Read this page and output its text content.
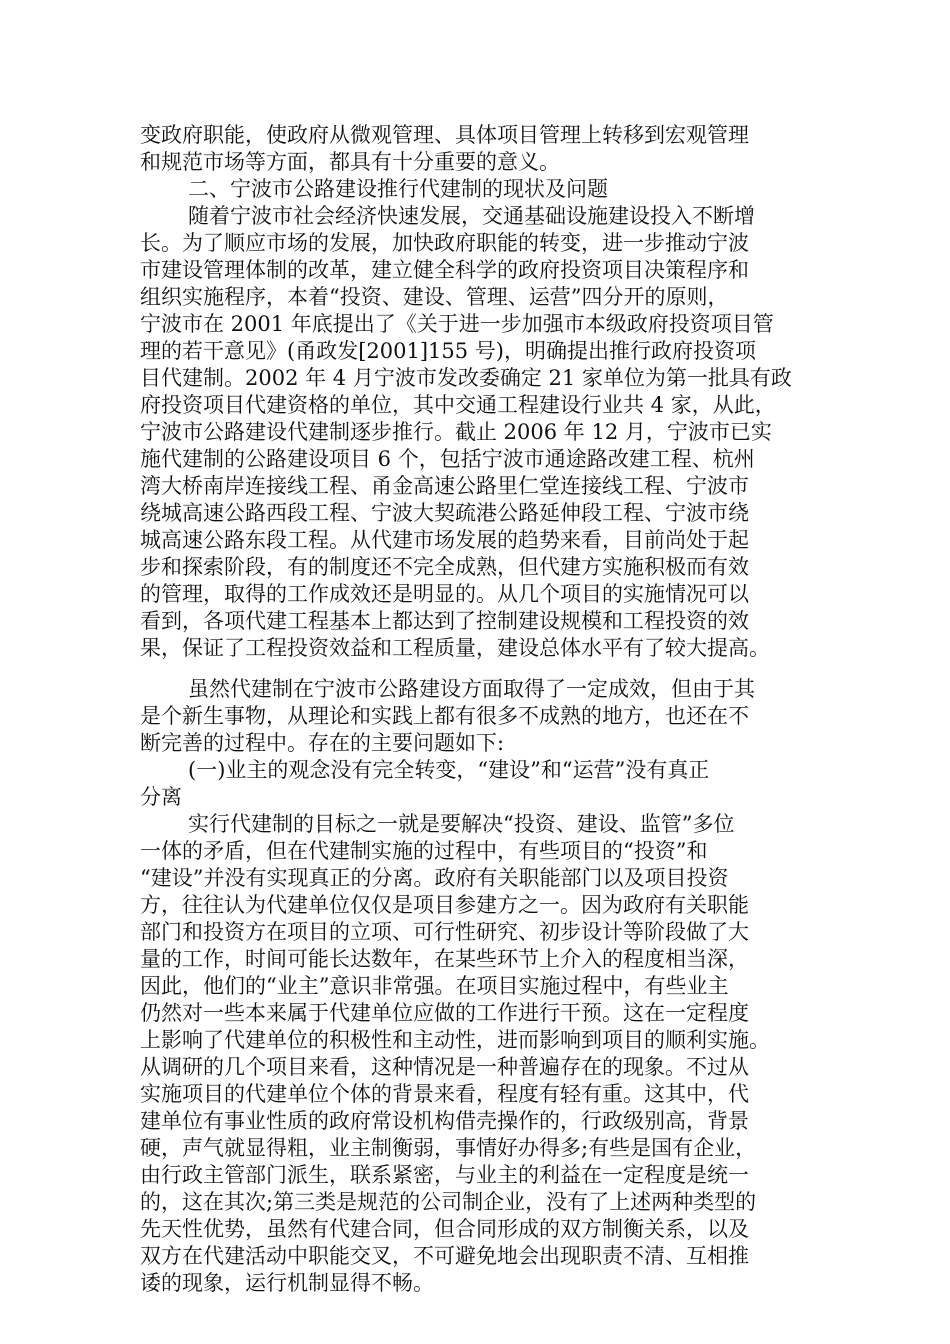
变政府职能，使政府从微观管理、具体项目管理上转移到宏观管理
和规范市场等方面，都具有十分重要的意义。
二、宁波市公路建设推行代建制的现状及问题
随着宁波市社会经济快速发展，交通基础设施建设投入不断增
长。为了顺应市场的发展，加快政府职能的转变，进一步推动宁波
市建设管理体制的改革，建立健全科学的政府投资项目决策程序和
组织实施程序，本着“投资、建设、管理、运营”四分开的原则，
宁波市在 2001 年底提出了《关于进一步加强市本级政府投资项目管
理的若干意见》(甬政发[2001]155 号)，明确提出推行政府投资项
目代建制。2002 年 4 月宁波市发改委确定 21 家单位为第一批具有政
府投资项目代建资格的单位，其中交通工程建设行业共 4 家，从此，
宁波市公路建设代建制逐步推行。截止 2006 年 12 月，宁波市已实
施代建制的公路建设项目 6 个，包括宁波市通途路改建工程、杭州
湾大桥南岸连接线工程、甬金高速公路里仁堂连接线工程、宁波市
绕城高速公路西段工程、宁波大契疏港公路延伸段工程、宁波市绕
城高速公路东段工程。从代建市场发展的趋势来看，目前尚处于起
步和探索阶段，有的制度还不完全成熟，但代建方实施积极而有效
的管理，取得的工作成效还是明显的。从几个项目的实施情况可以
看到，各项代建工程基本上都达到了控制建设规模和工程投资的效
果，保证了工程投资效益和工程质量，建设总体水平有了较大提高。
虽然代建制在宁波市公路建设方面取得了一定成效，但由于其
是个新生事物，从理论和实践上都有很多不成熟的地方，也还在不
断完善的过程中。存在的主要问题如下:
(一)业主的观念没有完全转变，“建设”和“运营”没有真正
分离
实行代建制的目标之一就是要解决“投资、建设、监管”多位
一体的矛盾，但在代建制实施的过程中，有些项目的“投资”和
“建设”并没有实现真正的分离。政府有关职能部门以及项目投资
方，往往认为代建单位仅仅是项目参建方之一。因为政府有关职能
部门和投资方在项目的立项、可行性研究、初步设计等阶段做了大
量的工作，时间可能长达数年，在某些环节上介入的程度相当深，
因此，他们的“业主”意识非常强。在项目实施过程中，有些业主
仍然对一些本来属于代建单位应做的工作进行干预。这在一定程度
上影响了代建单位的积极性和主动性，进而影响到项目的顺利实施。
从调研的几个项目来看，这种情况是一种普遍存在的现象。不过从
实施项目的代建单位个体的背景来看，程度有轻有重。这其中，代
建单位有事业性质的政府常设机构借壳操作的，行政级别高，背景
硬，声气就显得粗，业主制衡弱，事情好办得多;有些是国有企业，
由行政主管部门派生，联系紧密，与业主的利益在一定程度是统一
的，这在其次;第三类是规范的公司制企业，没有了上述两种类型的
先天性优势，虽然有代建合同，但合同形成的双方制衡关系，以及
双方在代建活动中职能交叉，不可避免地会出现职责不清、互相推
诿的现象，运行机制显得不畅。
